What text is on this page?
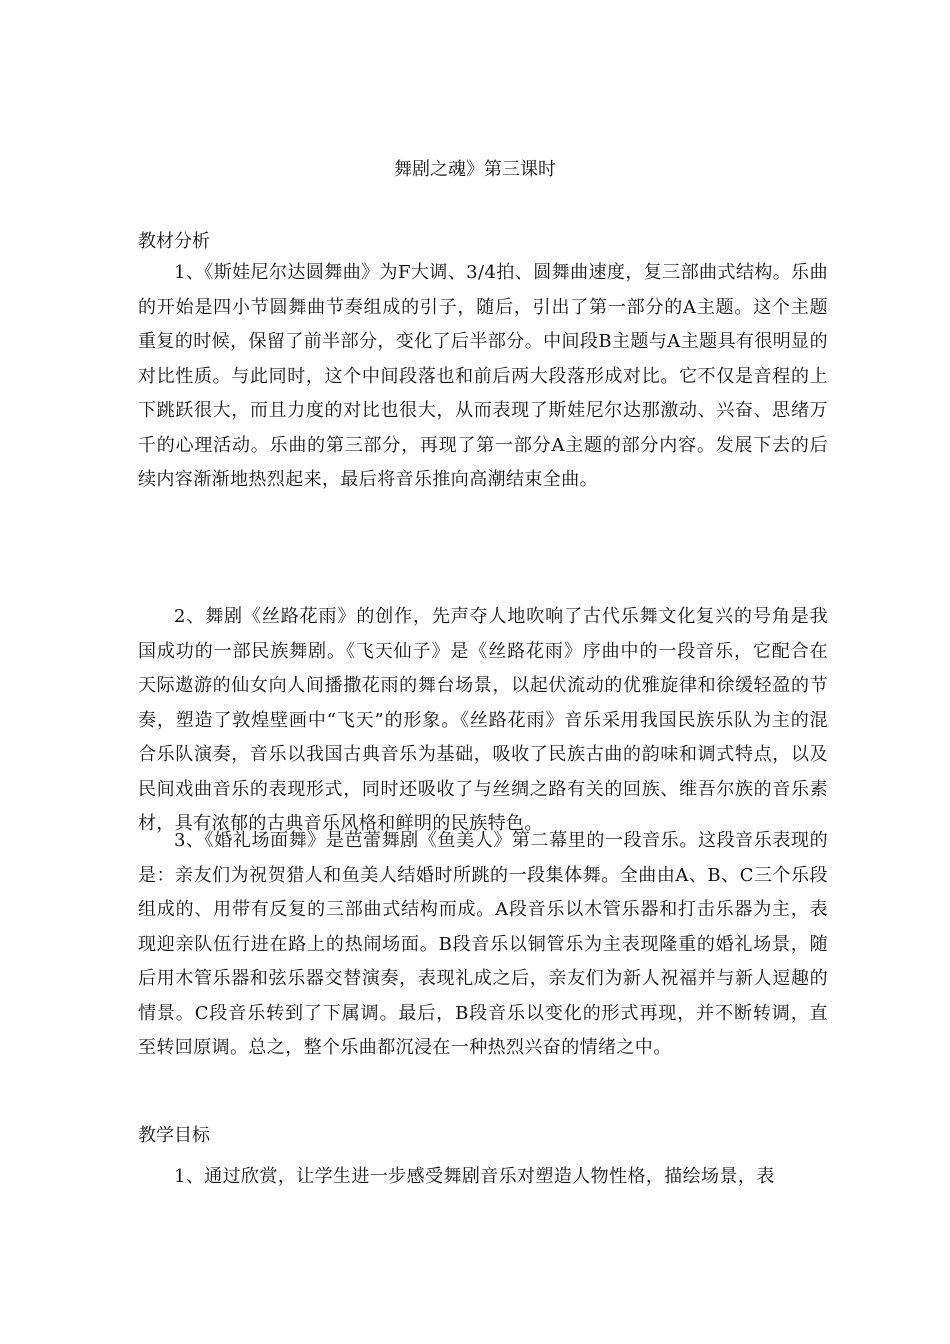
舞剧之魂》第三课时
教材分析
1、《斯娃尼尔达圆舞曲》为F大调、3/4拍、圆舞曲速度，复三部曲式结构。乐曲的开始是四小节圆舞曲节奏组成的引子，随后，引出了第一部分的A主题。这个主题重复的时候，保留了前半部分，变化了后半部分。中间段B主题与A主题具有很明显的对比性质。与此同时，这个中间段落也和前后两大段落形成对比。它不仅是音程的上下跳跃很大，而且力度的对比也很大，从而表现了斯娃尼尔达那激动、兴奋、思绪万千的心理活动。乐曲的第三部分，再现了第一部分A主题的部分内容。发展下去的后续内容渐渐地热烈起来，最后将音乐推向高潮结束全曲。
2、舞剧《丝路花雨》的创作，先声夺人地吹响了古代乐舞文化复兴的号角是我国成功的一部民族舞剧。《飞天仙子》是《丝路花雨》序曲中的一段音乐，它配合在天际遨游的仙女向人间播撒花雨的舞台场景，以起伏流动的优雅旋律和徐缓轻盈的节奏，塑造了敦煌壁画中“飞天”的形象。《丝路花雨》音乐采用我国民族乐队为主的混合乐队演奏，音乐以我国古典音乐为基础，吸收了民族古曲的韵味和调式特点，以及民间戏曲音乐的表现形式，同时还吸收了与丝绸之路有关的回族、维吾尔族的音乐素材，具有浓郁的古典音乐风格和鲜明的民族特色。
3、《婚礼场面舞》是芭蕾舞剧《鱼美人》第二幕里的一段音乐。这段音乐表现的是：亲友们为祝贺猎人和鱼美人结婚时所跳的一段集体舞。全曲由A、B、C三个乐段组成的、用带有反复的三部曲式结构而成。A段音乐以木管乐器和打击乐器为主，表现迎亲队伍行进在路上的热闹场面。B段音乐以铜管乐为主表现隆重的婚礼场景，随后用木管乐器和弦乐器交替演奏，表现礼成之后，亲友们为新人祝福并与新人逗趣的情景。C段音乐转到了下属调。最后，B段音乐以变化的形式再现，并不断转调，直至转回原调。总之，整个乐曲都沉浸在一种热烈兴奋的情绪之中。
教学目标
1、通过欣赏，让学生进一步感受舞剧音乐对塑造人物性格，描绘场景，表
